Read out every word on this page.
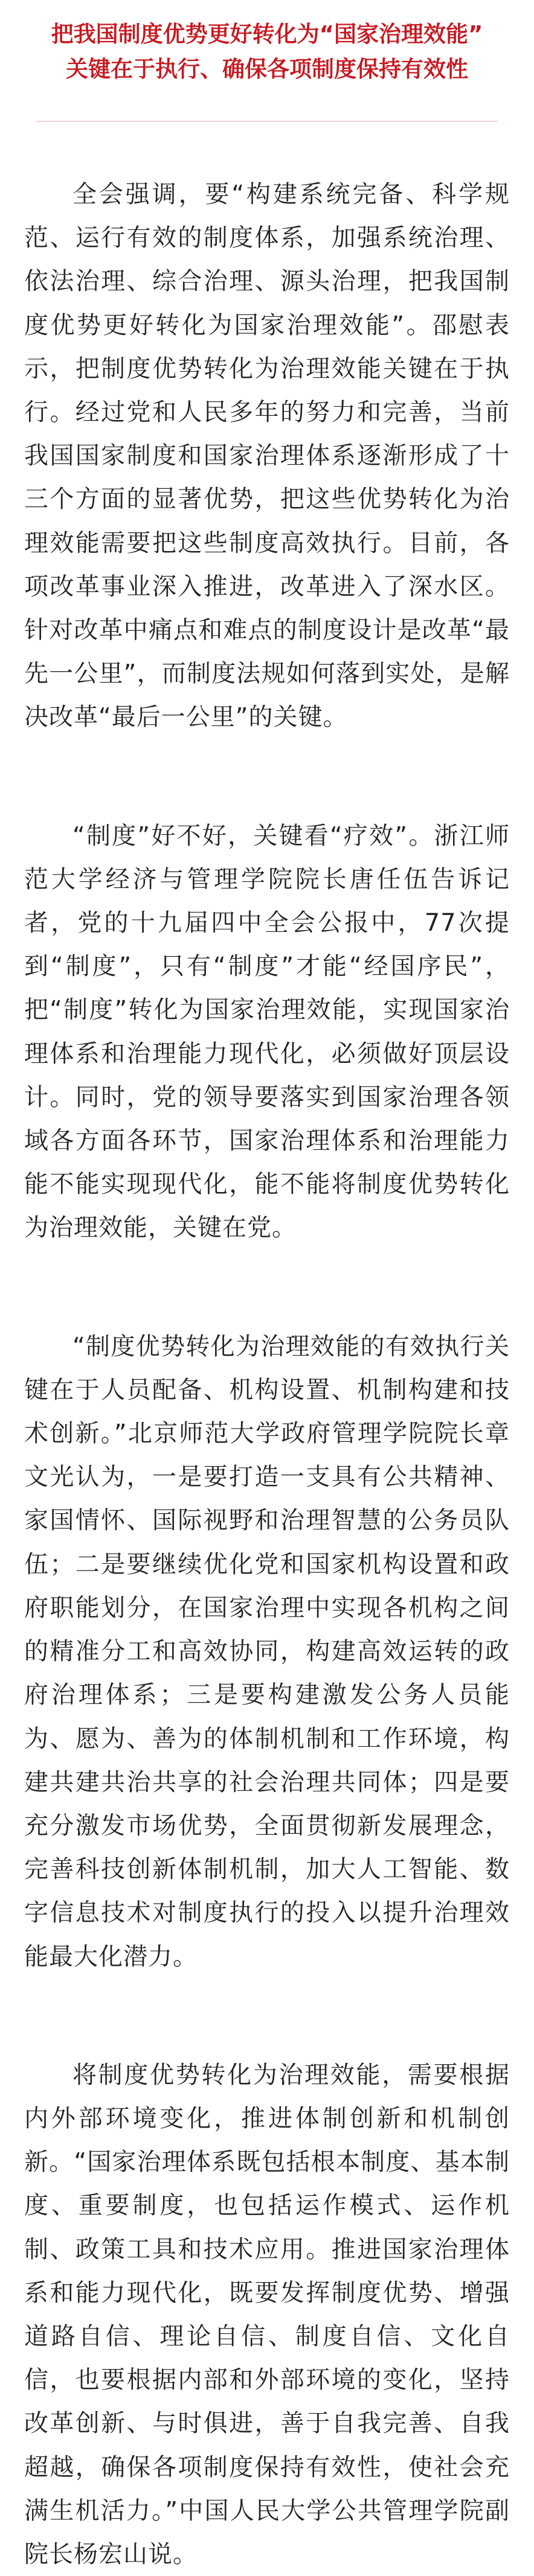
把我国制度优势更好转化为“国家治理效能”
关键在于执行、确保各项制度保持有效性

全会强调，要“构建系统完备、科学规范、运行有效的制度体系，加强系统治理、依法治理、综合治理、源头治理，把我国制度优势更好转化为国家治理效能”。邵慰表示，把制度优势转化为治理效能关键在于执行。经过党和人民多年的努力和完善，当前我国国家制度和国家治理体系逐渐形成了十三个方面的显著优势，把这些优势转化为治理效能需要把这些制度高效执行。目前，各项改革事业深入推进，改革进入了深水区。针对改革中痛点和难点的制度设计是改革“最先一公里”，而制度法规如何落到实处，是解决改革“最后一公里”的关键。

“制度”好不好，关键看“疗效”。浙江师范大学经济与管理学院院长唐任伍告诉记者，党的十九届四中全会公报中，77次提到“制度”，只有“制度”才能“经国序民”，把“制度”转化为国家治理效能，实现国家治理体系和治理能力现代化，必须做好顶层设计。同时，党的领导要落实到国家治理各领域各方面各环节，国家治理体系和治理能力能不能实现现代化，能不能将制度优势转化为治理效能，关键在党。

“制度优势转化为治理效能的有效执行关键在于人员配备、机构设置、机制构建和技术创新。”北京师范大学政府管理学院院长章文光认为，一是要打造一支具有公共精神、家国情怀、国际视野和治理智慧的公务员队伍；二是要继续优化党和国家机构设置和政府职能划分，在国家治理中实现各机构之间的精准分工和高效协同，构建高效运转的政府治理体系；三是要构建激发公务人员能为、愿为、善为的体制机制和工作环境，构建共建共治共享的社会治理共同体；四是要充分激发市场优势，全面贯彻新发展理念，完善科技创新体制机制，加大人工智能、数字信息技术对制度执行的投入以提升治理效能最大化潜力。

将制度优势转化为治理效能，需要根据内外部环境变化，推进体制创新和机制创新。“国家治理体系既包括根本制度、基本制度、重要制度，也包括运作模式、运作机制、政策工具和技术应用。推进国家治理体系和能力现代化，既要发挥制度优势、增强道路自信、理论自信、制度自信、文化自信，也要根据内部和外部环境的变化，坚持改革创新、与时俱进，善于自我完善、自我超越，确保各项制度保持有效性，使社会充满生机活力。”中国人民大学公共管理学院副院长杨宏山说。
